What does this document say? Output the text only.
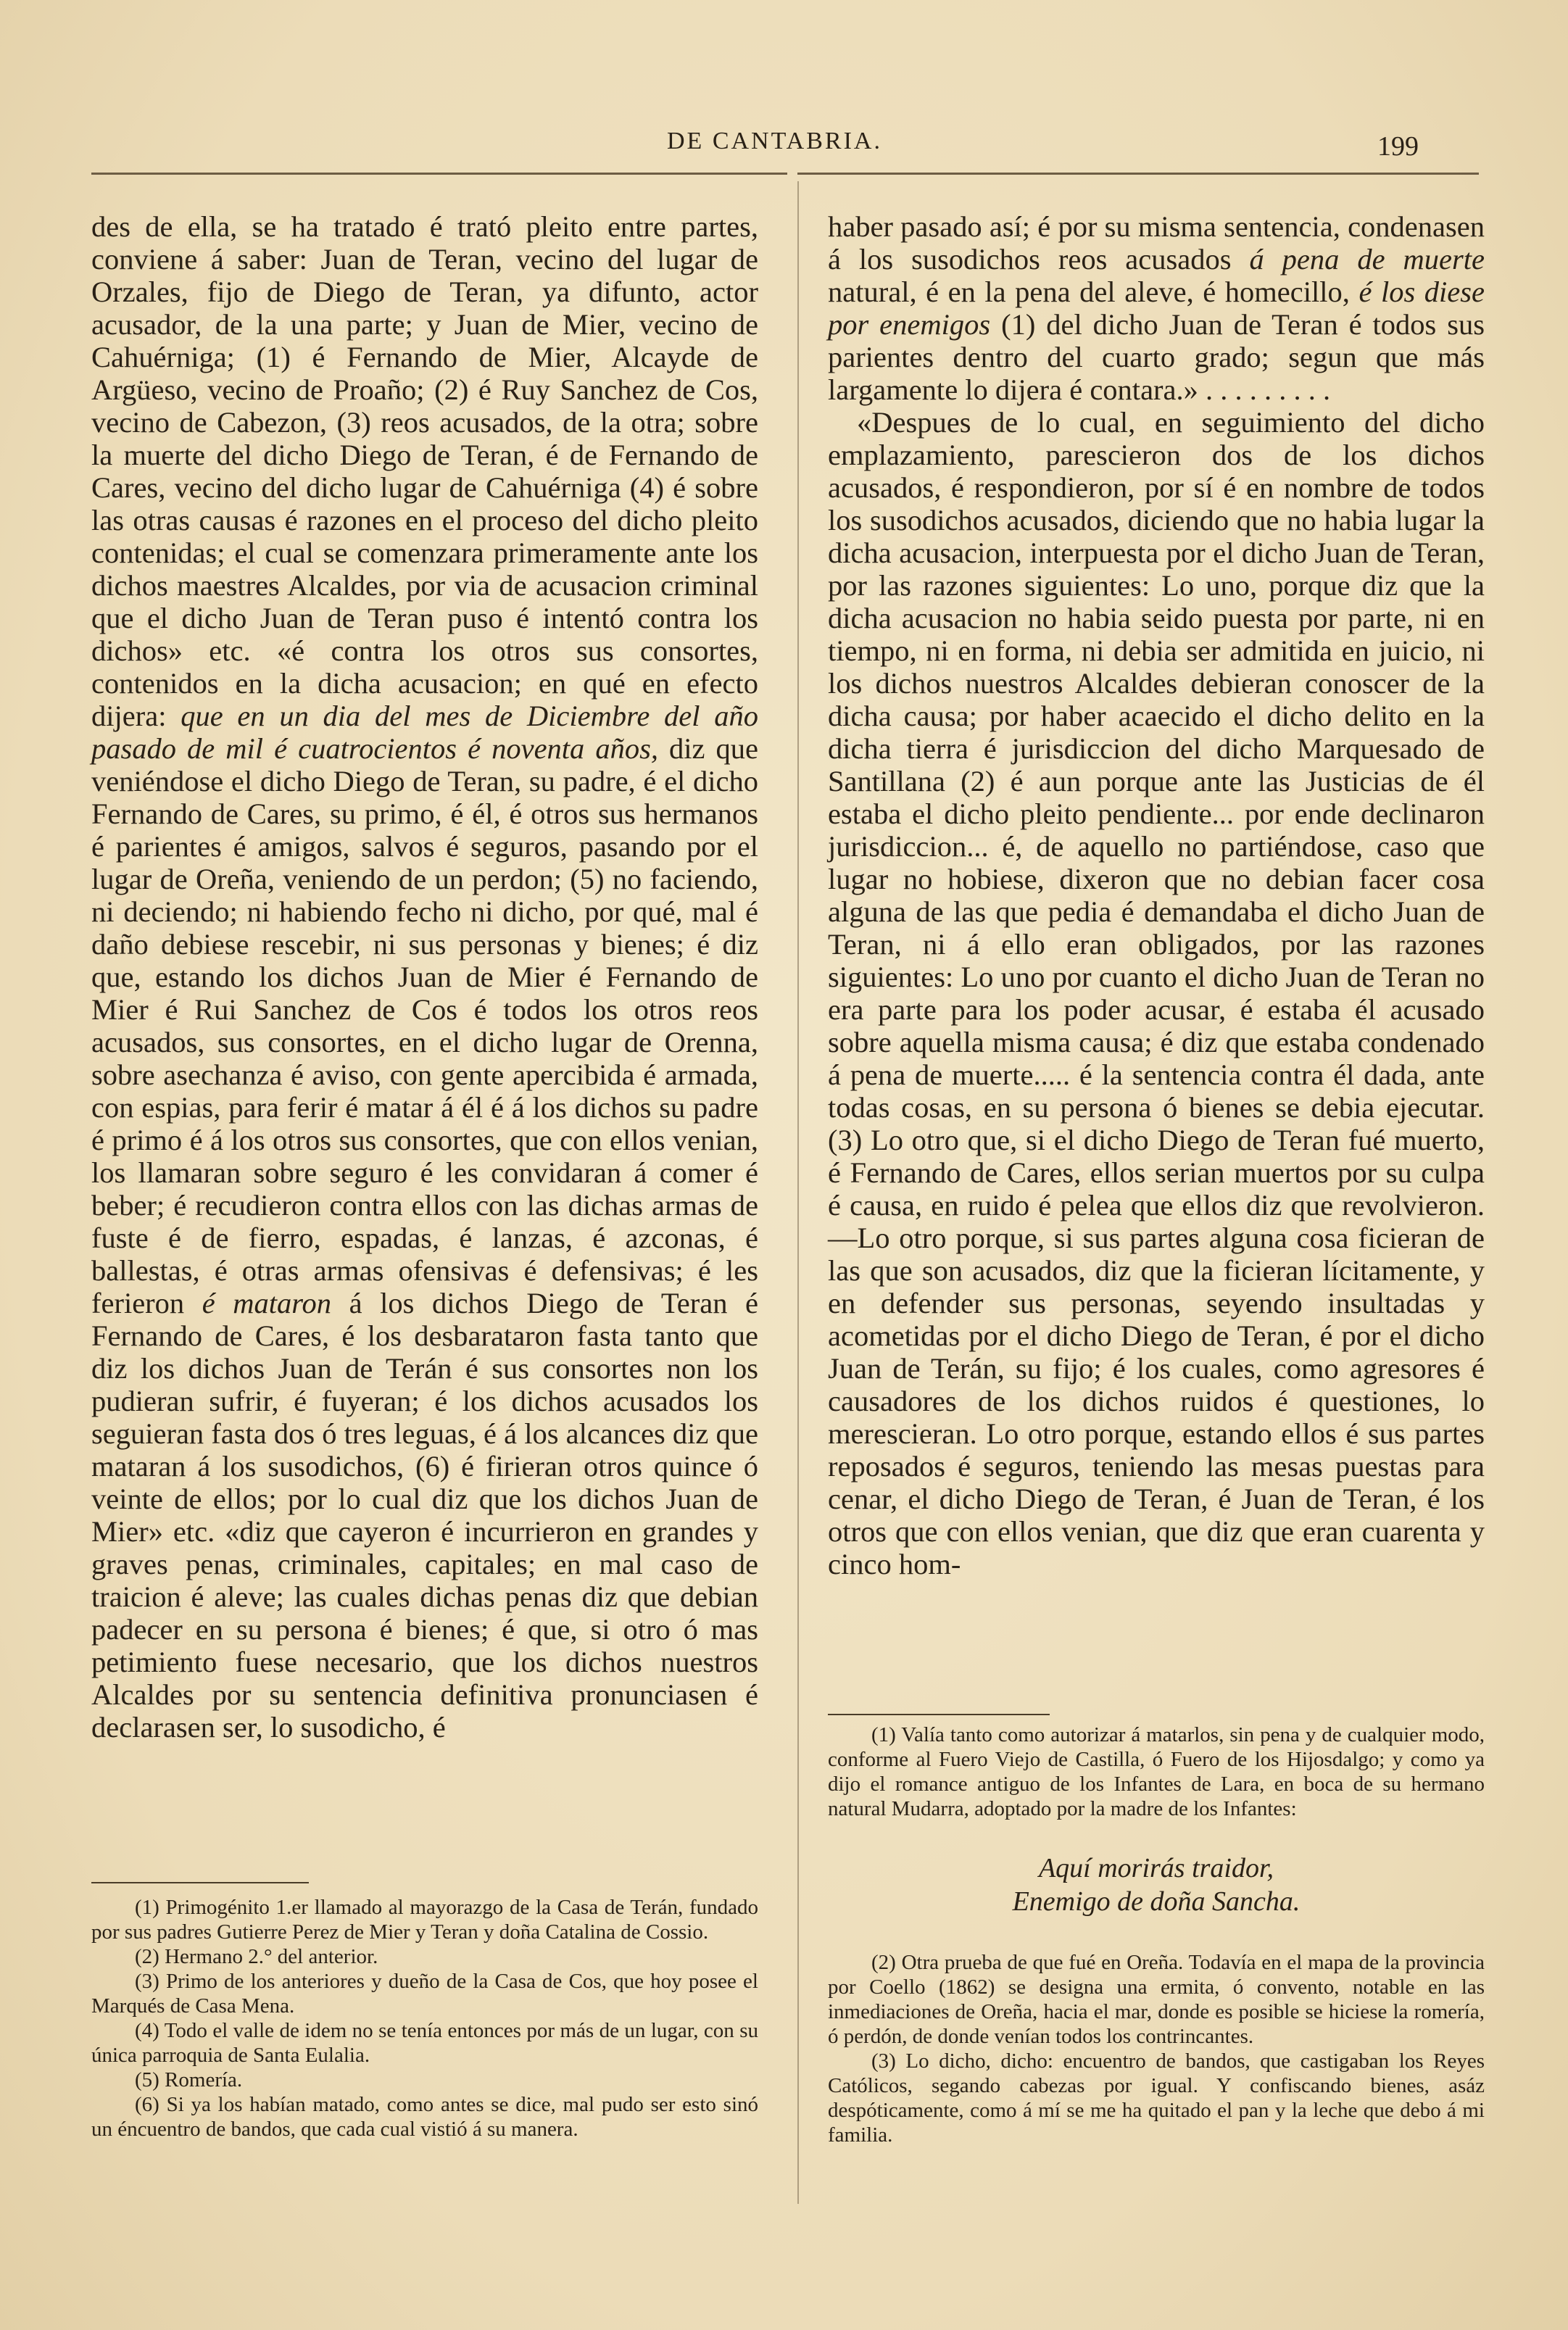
DE CANTABRIA.	199

des de ella, se ha tratado é trató pleito entre partes, conviene á saber: Juan de Teran, vecino del lugar de Orzales, fijo de Diego de Teran, ya difunto, actor acusador, de la una parte; y Juan de Mier, vecino de Cahuérniga; (1) é Fernando de Mier, Alcayde de Argüeso, vecino de Proaño; (2) é Ruy Sanchez de Cos, vecino de Cabezon, (3) reos acusados, de la otra; sobre la muerte del dicho Diego de Teran, é de Fernando de Cares, vecino del dicho lugar de Cahuérniga (4) é sobre las otras causas é razones en el proceso del dicho pleito contenidas; el cual se comenzara primeramente ante los dichos maestres Alcaldes, por via de acusacion criminal que el dicho Juan de Teran puso é intentó contra los dichos» etc. «é contra los otros sus consortes, contenidos en la dicha acusacion; en qué en efecto dijera: que en un dia del mes de Diciembre del año pasado de mil é cuatrocientos é noventa años, diz que veniéndose el dicho Diego de Teran, su padre, é el dicho Fernando de Cares, su primo, é él, é otros sus hermanos é parientes é amigos, salvos é seguros, pasando por el lugar de Oreña, veniendo de un perdon; (5) no faciendo, ni deciendo; ni habiendo fecho ni dicho, por qué, mal é daño debiese rescebir, ni sus personas y bienes; é diz que, estando los dichos Juan de Mier é Fernando de Mier é Rui Sanchez de Cos é todos los otros reos acusados, sus consortes, en el dicho lugar de Orenna, sobre asechanza é aviso, con gente apercibida é armada, con espias, para ferir é matar á él é á los dichos su padre é primo é á los otros sus consortes, que con ellos venian, los llamaran sobre seguro é les convidaran á comer é beber; é recudieron contra ellos con las dichas armas de fuste é de fierro, espadas, é lanzas, é azconas, é ballestas, é otras armas ofensivas é defensivas; é les ferieron é mataron á los dichos Diego de Teran é Fernando de Cares, é los desbarataron fasta tanto que diz los dichos Juan de Terán é sus consortes non los pudieran sufrir, é fuyeran; é los dichos acusados los seguieran fasta dos ó tres leguas, é á los alcances diz que mataran á los susodichos, (6) é firieran otros quince ó veinte de ellos; por lo cual diz que los dichos Juan de Mier» etc. «diz que cayeron é incurrieron en grandes y graves penas, criminales, capitales; en mal caso de traicion é aleve; las cuales dichas penas diz que debian padecer en su persona é bienes; é que, si otro ó mas petimiento fuese necesario, que los dichos nuestros Alcaldes por su sentencia definitiva pronunciasen é declarasen ser, lo susodicho, é

(1) Primogénito 1.er llamado al mayorazgo de la Casa de Terán, fundado por sus padres Gutierre Perez de Mier y Teran y doña Catalina de Cossio.

(2) Hermano 2.° del anterior.

(3) Primo de los anteriores y dueño de la Casa de Cos, que hoy posee el Marqués de Casa Mena.

(4) Todo el valle de idem no se tenía entonces por más de un lugar, con su única parroquia de Santa Eulalia.

(5) Romería.

(6) Si ya los habían matado, como antes se dice, mal pudo ser esto sinó un éncuentro de bandos, que cada cual vistió á su manera.

haber pasado así; é por su misma sentencia, condenasen á los susodichos reos acusados á pena de muerte natural, é en la pena del aleve, é homecillo, é los diese por enemigos (1) del dicho Juan de Teran é todos sus parientes dentro del cuarto grado; segun que más largamente lo dijera é contara.» . . . . . . . . .

«Despues de lo cual, en seguimiento del dicho emplazamiento, parescieron dos de los dichos acusados, é respondieron, por sí é en nombre de todos los susodichos acusados, diciendo que no habia lugar la dicha acusacion, interpuesta por el dicho Juan de Teran, por las razones siguientes: Lo uno, porque diz que la dicha acusacion no habia seido puesta por parte, ni en tiempo, ni en forma, ni debia ser admitida en juicio, ni los dichos nuestros Alcaldes debieran conoscer de la dicha causa; por haber acaecido el dicho delito en la dicha tierra é jurisdiccion del dicho Marquesado de Santillana (2) é aun porque ante las Justicias de él estaba el dicho pleito pendiente... por ende declinaron jurisdiccion... é, de aquello no partiéndose, caso que lugar no hobiese, dixeron que no debian facer cosa alguna de las que pedia é demandaba el dicho Juan de Teran, ni á ello eran obligados, por las razones siguientes: Lo uno por cuanto el dicho Juan de Teran no era parte para los poder acusar, é estaba él acusado sobre aquella misma causa; é diz que estaba condenado á pena de muerte..... é la sentencia contra él dada, ante todas cosas, en su persona ó bienes se debia ejecutar. (3) Lo otro que, si el dicho Diego de Teran fué muerto, é Fernando de Cares, ellos serian muertos por su culpa é causa, en ruido é pelea que ellos diz que revolvieron.—Lo otro porque, si sus partes alguna cosa ficieran de las que son acusados, diz que la ficieran lícitamente, y en defender sus personas, seyendo insultadas y acometidas por el dicho Diego de Teran, é por el dicho Juan de Terán, su fijo; é los cuales, como agresores é causadores de los dichos ruidos é questiones, lo merescieran. Lo otro porque, estando ellos é sus partes reposados é seguros, teniendo las mesas puestas para cenar, el dicho Diego de Teran, é Juan de Teran, é los otros que con ellos venian, que diz que eran cuarenta y cinco hom-

(1) Valía tanto como autorizar á matarlos, sin pena y de cualquier modo, conforme al Fuero Viejo de Castilla, ó Fuero de los Hijosdalgo; y como ya dijo el romance antiguo de los Infantes de Lara, en boca de su hermano natural Mudarra, adoptado por la madre de los Infantes:

Aquí morirás traidor,
Enemigo de doña Sancha.

(2) Otra prueba de que fué en Oreña. Todavía en el mapa de la provincia por Coello (1862) se designa una ermita, ó convento, notable en las inmediaciones de Oreña, hacia el mar, donde es posible se hiciese la romería, ó perdón, de donde venían todos los contrincantes.

(3) Lo dicho, dicho: encuentro de bandos, que castigaban los Reyes Católicos, segando cabezas por igual. Y confiscando bienes, asáz despóticamente, como á mí se me ha quitado el pan y la leche que debo á mi familia.
